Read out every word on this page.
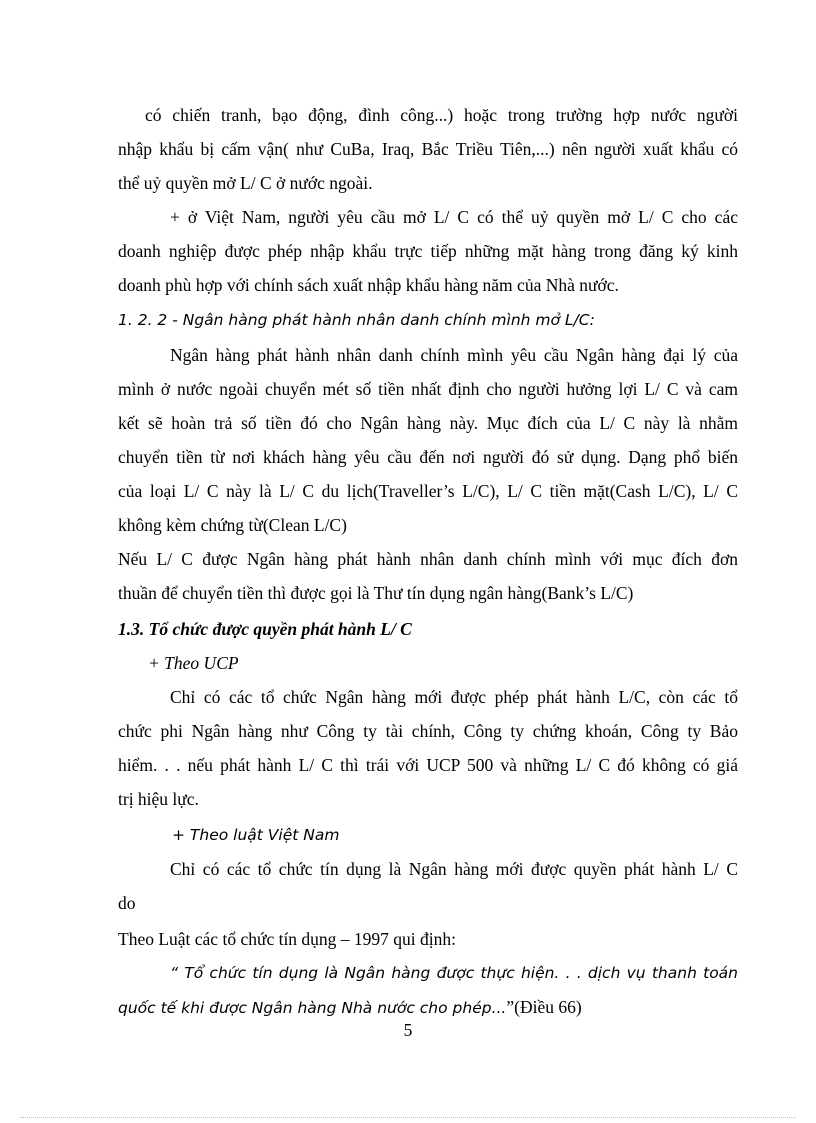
có chiến tranh, bạo động, đình công...) hoặc trong trường hợp nước người
nhập khẩu bị cấm vận( như CuBa, Iraq, Bắc Triều Tiên,...) nên người xuất khẩu có
thể uỷ quyền mở L/ C ở nước ngoài.
+ ở Việt Nam, người yêu cầu mở L/ C có thể uỷ quyền mở L/ C cho các
doanh nghiệp được phép nhập khẩu trực tiếp những mặt hàng trong đăng ký kinh
doanh phù hợp với chính sách xuất nhập khẩu hàng năm của Nhà nước.
1. 2. 2 - Ngân hàng phát hành nhân danh chính mình mở L/C:
Ngân hàng phát hành nhân danh chính mình yêu cầu Ngân hàng đại lý của
mình ở nước ngoài chuyển mét số tiền nhất định cho người hưởng lợi L/ C và cam
kết sẽ hoàn trả số tiền đó cho Ngân hàng này. Mục đích của L/ C này là nhằm
chuyển tiền từ nơi khách hàng yêu cầu đến nơi người đó sử dụng. Dạng phổ biến
của loại L/ C này là L/ C du lịch(Traveller’s L/C), L/ C tiền mặt(Cash L/C), L/ C
không kèm chứng từ(Clean L/C)
Nếu L/ C được Ngân hàng phát hành nhân danh chính mình với mục đích đơn
thuần để chuyển tiền thì được gọi là Thư tín dụng ngân hàng(Bank’s L/C)
1.3. Tổ chức được quyền phát hành L/ C
+ Theo UCP
Chỉ có các tổ chức Ngân hàng mới được phép phát hành L/C, còn các tổ
chức phi Ngân hàng như Công ty tài chính, Công ty chứng khoán, Công ty Bảo
hiểm. . . nếu phát hành L/ C thì trái với UCP 500 và những L/ C đó không có giá
trị hiệu lực.
+ Theo luật Việt Nam
Chỉ có các tổ chức tín dụng là Ngân hàng mới được quyền phát hành L/ C
do
Theo Luật các tổ chức tín dụng – 1997 qui định:
“ Tổ chức tín dụng là Ngân hàng được thực hiện. . . dịch vụ thanh toán
quốc tế khi được Ngân hàng Nhà nước cho phép...”(Điều 66)
5
